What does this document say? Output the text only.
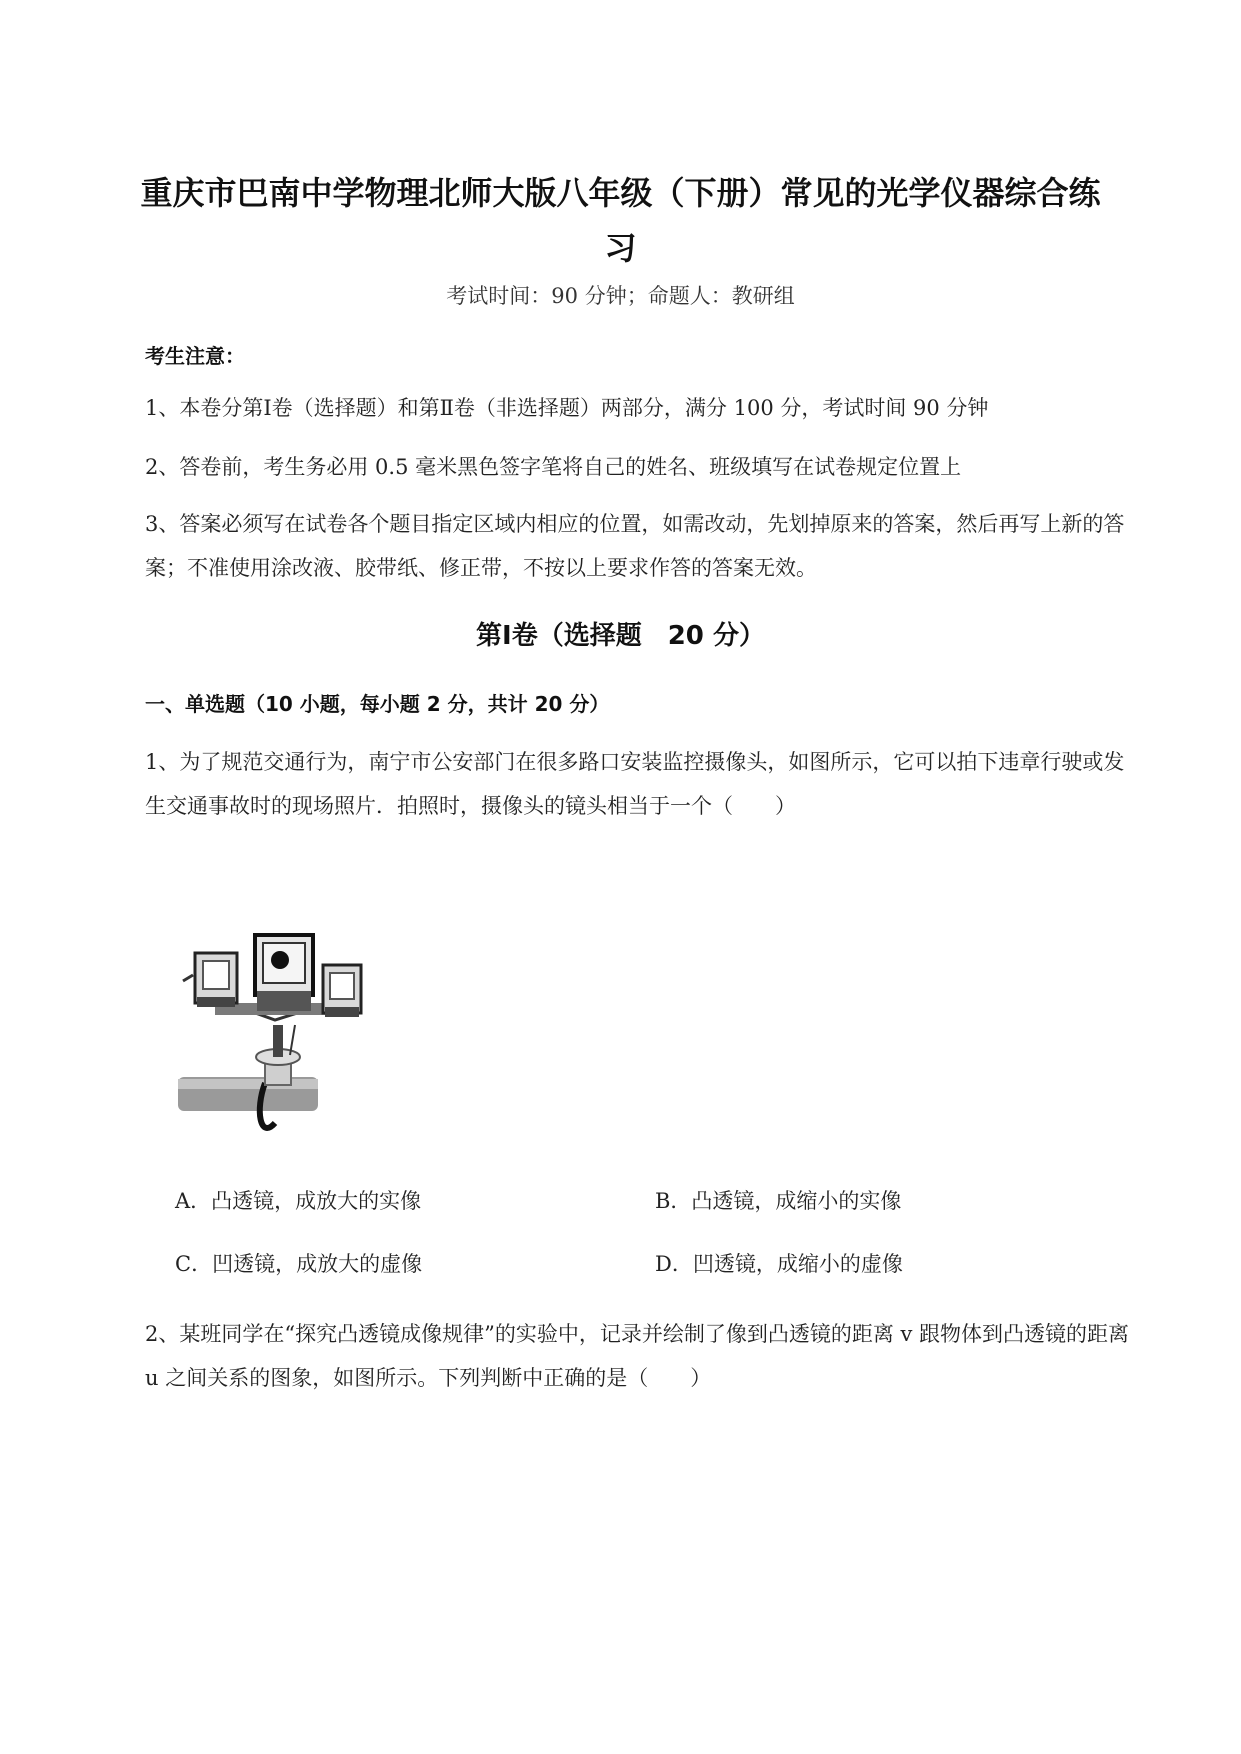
重庆市巴南中学物理北师大版八年级（下册）常见的光学仪器综合练
习
考试时间：90 分钟；命题人：教研组
考生注意：
1、本卷分第Ⅰ卷（选择题）和第Ⅱ卷（非选择题）两部分，满分 100 分，考试时间 90 分钟
2、答卷前，考生务必用 0.5 毫米黑色签字笔将自己的姓名、班级填写在试卷规定位置上
3、答案必须写在试卷各个题目指定区域内相应的位置，如需改动，先划掉原来的答案，然后再写上新的答案；不准使用涂改液、胶带纸、修正带，不按以上要求作答的答案无效。
第Ⅰ卷（选择题　20 分）
一、单选题（10 小题，每小题 2 分，共计 20 分）
1、为了规范交通行为，南宁市公安部门在很多路口安装监控摄像头，如图所示，它可以拍下违章行驶或发生交通事故时的现场照片．拍照时，摄像头的镜头相当于一个（　　）
A．凸透镜，成放大的实像	B．凸透镜，成缩小的实像
C．凹透镜，成放大的虚像	D．凹透镜，成缩小的虚像
2、某班同学在“探究凸透镜成像规律”的实验中，记录并绘制了像到凸透镜的距离 v 跟物体到凸透镜的距离 u 之间关系的图象，如图所示。下列判断中正确的是（　　）
